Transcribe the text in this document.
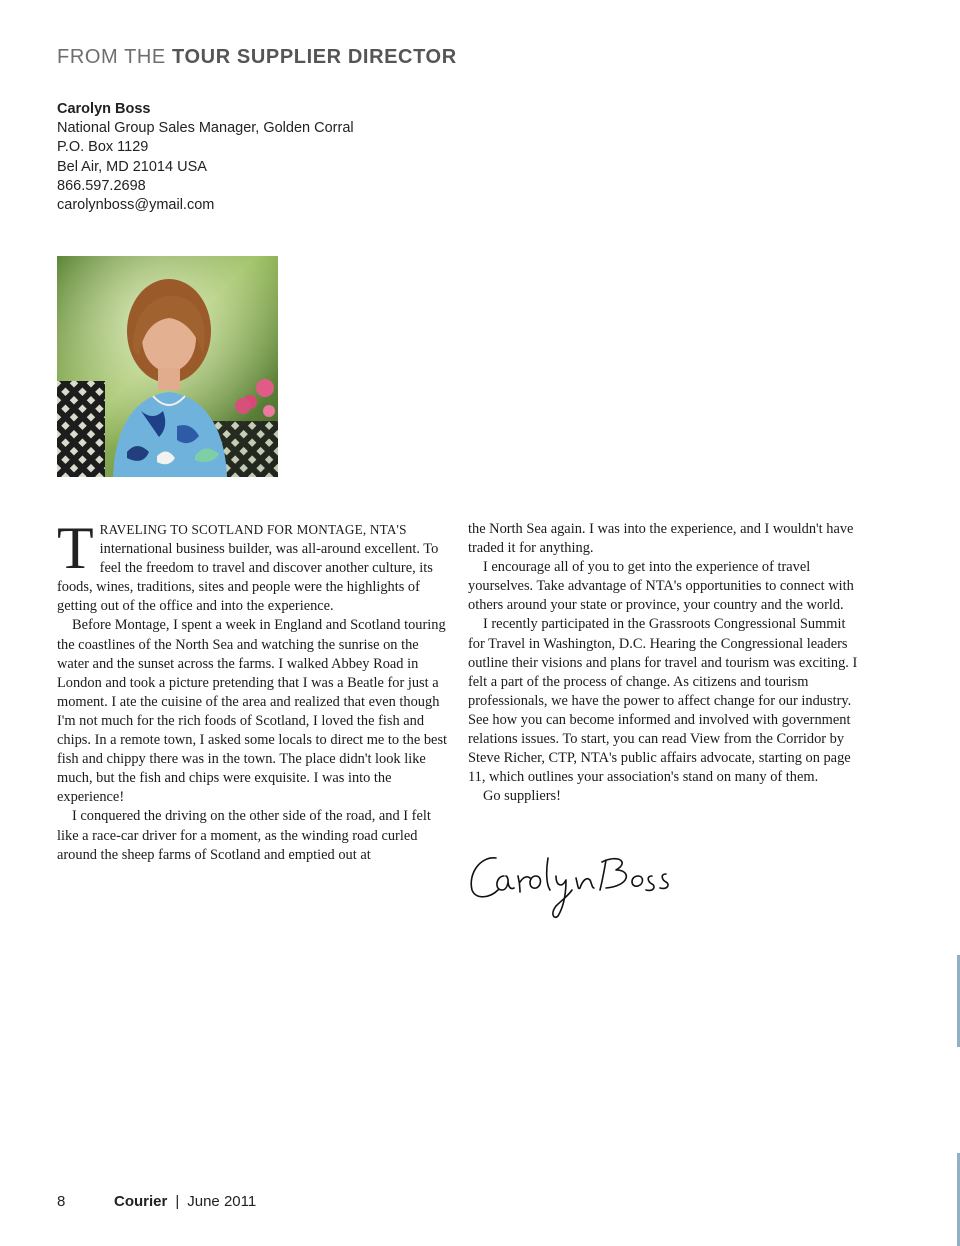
FROM THE TOUR SUPPLIER DIRECTOR
Carolyn Boss
National Group Sales Manager, Golden Corral
P.O. Box 1129
Bel Air, MD 21014 USA
866.597.2698
carolynboss@ymail.com

TRAVELING TO SCOTLAND FOR MONTAGE, NTA'S international business builder, was all-around excellent. To feel the freedom to travel and discover another culture, its foods, wines, traditions, sites and people were the highlights of getting out of the office and into the experience.

Before Montage, I spent a week in England and Scotland touring the coastlines of the North Sea and watching the sunrise on the water and the sunset across the farms. I walked Abbey Road in London and took a picture pretending that I was a Beatle for just a moment. I ate the cuisine of the area and realized that even though I'm not much for the rich foods of Scotland, I loved the fish and chips. In a remote town, I asked some locals to direct me to the best fish and chippy there was in the town. The place didn't look like much, but the fish and chips were exquisite. I was into the experience!

I conquered the driving on the other side of the road, and I felt like a race-car driver for a moment, as the winding road curled around the sheep farms of Scotland and emptied out at

the North Sea again. I was into the experience, and I wouldn't have traded it for anything.

I encourage all of you to get into the experience of travel yourselves. Take advantage of NTA's opportunities to connect with others around your state or province, your country and the world.

I recently participated in the Grassroots Congressional Summit for Travel in Washington, D.C. Hearing the Congressional leaders outline their visions and plans for travel and tourism was exciting. I felt a part of the process of change. As citizens and tourism professionals, we have the power to affect change for our industry. See how you can become informed and involved with government relations issues. To start, you can read View from the Corridor by Steve Richer, CTP, NTA's public affairs advocate, starting on page 11, which outlines your association's stand on many of them.

Go suppliers!

8	Courier | June 2011
